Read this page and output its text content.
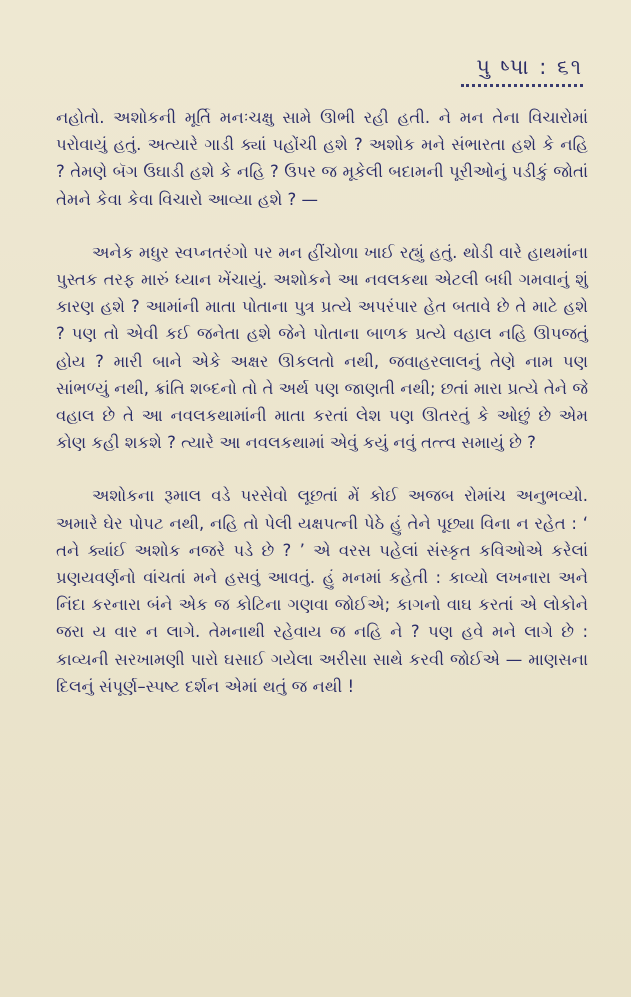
પુ ષ્પા : ૬૧

નહોતો. અશોકની મૂર્તિ મનઃચક્ષુ સામે ઊભી રહી હતી. ને મન તેના વિચારોમાં પરોવાયું હતું. અત્યારે ગાડી ક્યાં પહોંચી હશે ? અશોક મને સંભારતા હશે કે નહિ ? તેમણે બૅગ ઉઘાડી હશે કે નહિ ? ઉપર જ મૂકેલી બદામની પૂરીઓનું પડીકું જોતાં તેમને કેવા કેવા વિચારો આવ્યા હશે ? —

અનેક મધુર સ્વપ્નતરંગો પર મન હીંચોળા ખાઈ રહ્યું હતું. થોડી વારે હાથમાંના પુસ્તક તરફ મારું ધ્યાન ખેંચાયું. અશોકને આ નવલકથા એટલી બધી ગમવાનું શું કારણ હશે ? આમાંની માતા પોતાના પુત્ર પ્રત્યે અપરંપાર હેત બતાવે છે તે માટે હશે ? પણ તો એવી કઈ જનેતા હશે જેને પોતાના બાળક પ્રત્યે વહાલ નહિ ઊપજતું હોય ? મારી બાને એકે અક્ષર ઊકલતો નથી, જવાહરલાલનું તેણે નામ પણ સાંભળ્યું નથી, ક્રાંતિ શબ્દનો તો તે અર્થ પણ જાણતી નથી; છતાં મારા પ્રત્યે તેને જે વહાલ છે તે આ નવલકથામાંની માતા કરતાં લેશ પણ ઊતરતું કે ઓછું છે એમ કોણ કહી શકશે ? ત્યારે આ નવલકથામાં એવું કયું નવું તત્ત્વ સમાયું છે ?

અશોકના રૂમાલ વડે પરસેવો લૂછતાં મેં કોઈ અજબ રોમાંચ અનુભવ્યો. અમારે ઘેર પોપટ નથી, નહિ તો પેલી યક્ષપત્ની પેઠે હું તેને પૂછ્યા વિના ન રહેત : ‘ તને ક્યાંઈ અશોક નજરે પડે છે ? ’ એ વરસ પહેલાં સંસ્કૃત કવિઓએ કરેલાં પ્રણયવર્ણનો વાંચતાં મને હસવું આવતું. હું મનમાં કહેતી : કાવ્યો લખનારા અને નિંદા કરનારા બંને એક જ કોટિના ગણવા જોઈએ; કાગનો વાઘ કરતાં એ લોકોને જરા ય વાર ન લાગે. તેમનાથી રહેવાય જ નહિ ને ? પણ હવે મને લાગે છે : કાવ્યની સરખામણી પારો ઘસાઈ ગયેલા અરીસા સાથે કરવી જોઈએ — માણસના દિલનું સંપૂર્ણ–સ્પષ્ટ દર્શન એમાં થતું જ નથી !
